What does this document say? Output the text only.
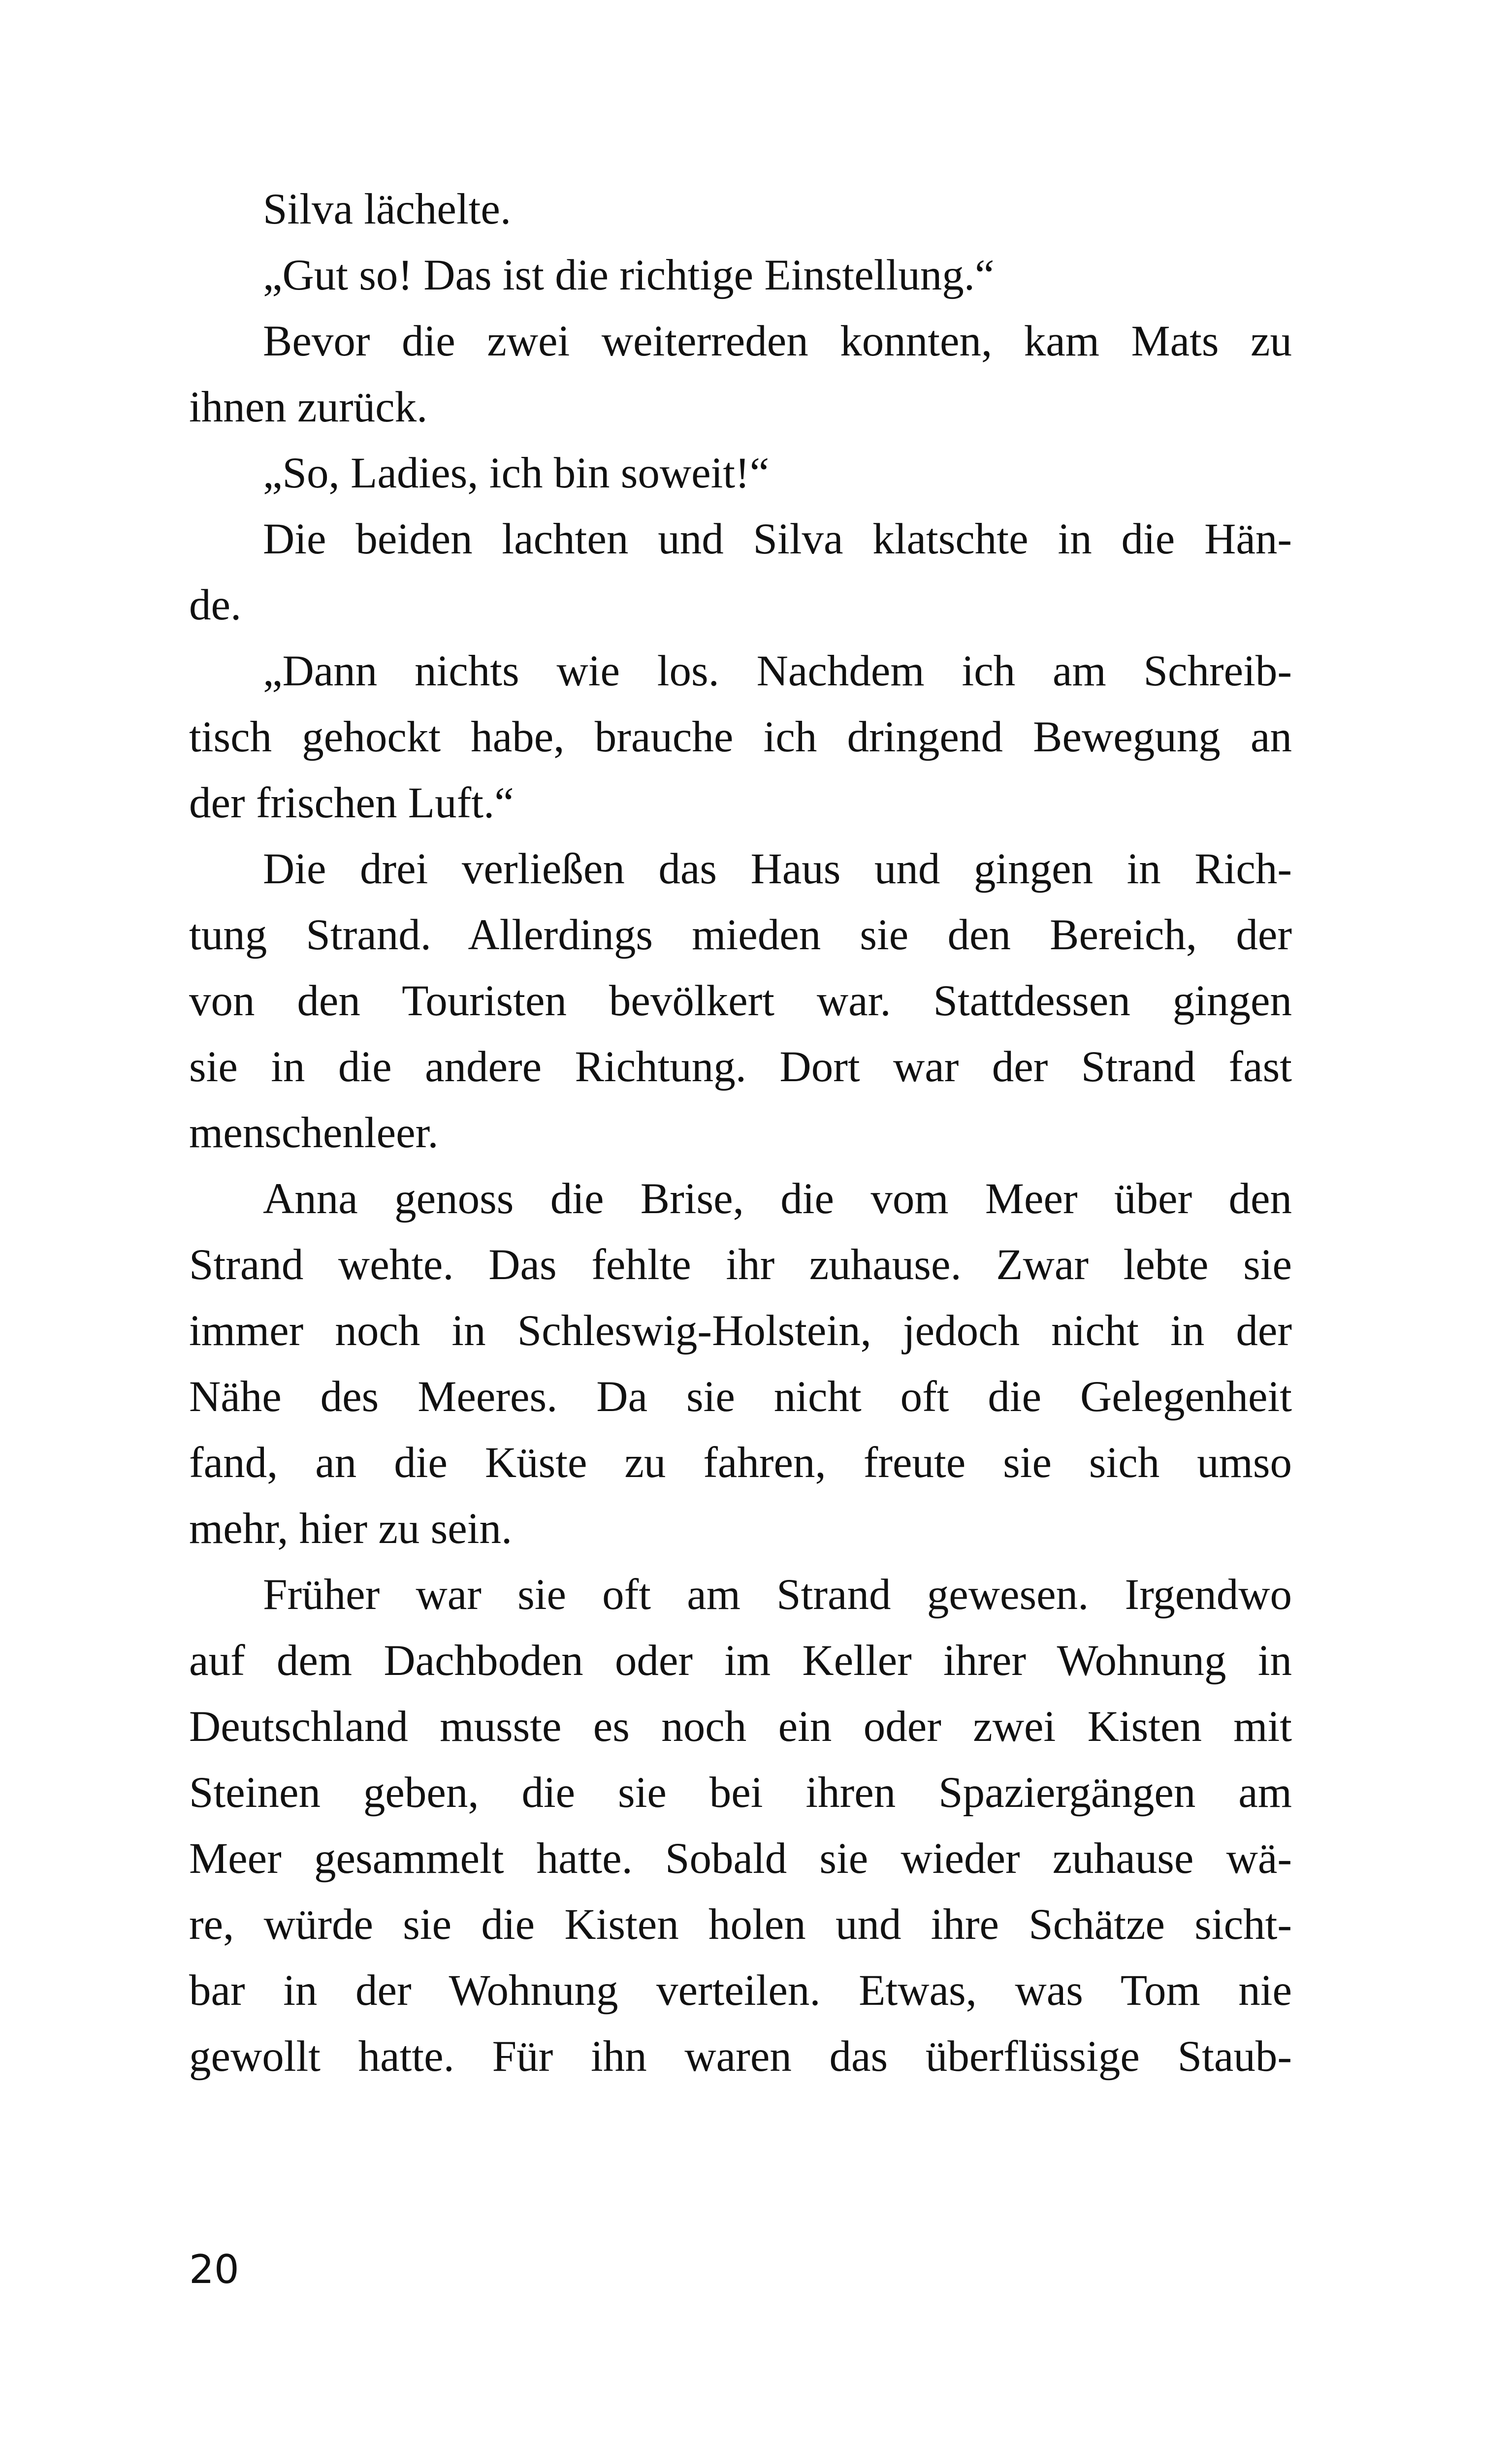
Silva lächelte.
„Gut so! Das ist die richtige Einstellung.“
Bevor die zwei weiterreden konnten, kam Mats zu
ihnen zurück.
„So, Ladies, ich bin soweit!“
Die beiden lachten und Silva klatschte in die Hän-
de.
„Dann nichts wie los. Nachdem ich am Schreib-
tisch gehockt habe, brauche ich dringend Bewegung an
der frischen Luft.“
Die drei verließen das Haus und gingen in Rich-
tung Strand. Allerdings mieden sie den Bereich, der
von den Touristen bevölkert war. Stattdessen gingen
sie in die andere Richtung. Dort war der Strand fast
menschenleer.
Anna genoss die Brise, die vom Meer über den
Strand wehte. Das fehlte ihr zuhause. Zwar lebte sie
immer noch in Schleswig-Holstein, jedoch nicht in der
Nähe des Meeres. Da sie nicht oft die Gelegenheit
fand, an die Küste zu fahren, freute sie sich umso
mehr, hier zu sein.
Früher war sie oft am Strand gewesen. Irgendwo
auf dem Dachboden oder im Keller ihrer Wohnung in
Deutschland musste es noch ein oder zwei Kisten mit
Steinen geben, die sie bei ihren Spaziergängen am
Meer gesammelt hatte. Sobald sie wieder zuhause wä-
re, würde sie die Kisten holen und ihre Schätze sicht-
bar in der Wohnung verteilen. Etwas, was Tom nie
gewollt hatte. Für ihn waren das überflüssige Staub-
20
